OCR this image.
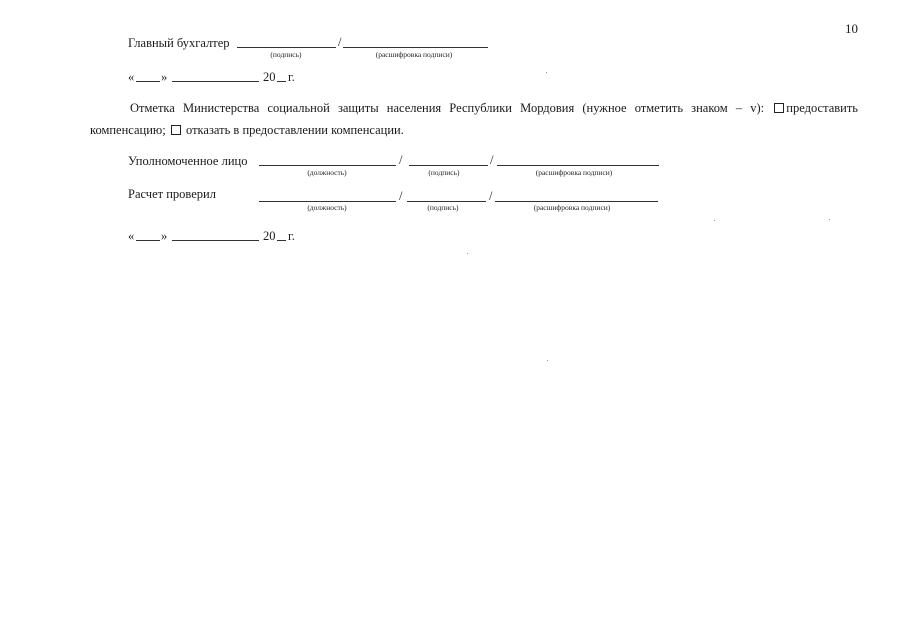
10
Главный бухгалтер	/
(подпись)	(расшифровка подписи)
« »	20 г.
Отметка Министерства социальной защиты населения Республики Мордовия (нужное отметить знаком – v): предоставить
компенсацию; отказать в предоставлении компенсации.
Уполномоченное лицо	/	/
(должность)	(подпись)	(расшифровка подписи)
Расчет проверил	/	/
(должность)	(подпись)	(расшифровка подписи)
« »	20 г.
